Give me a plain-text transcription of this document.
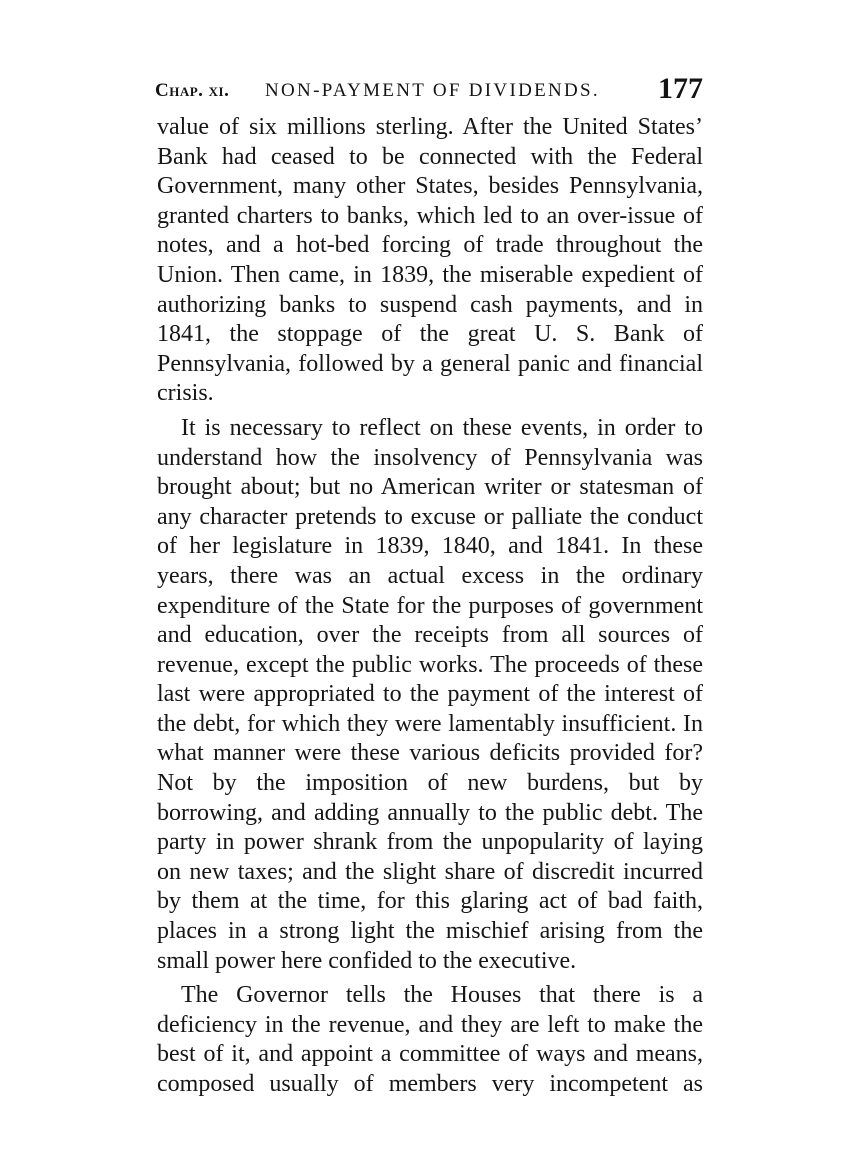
Chap. xi. NON-PAYMENT OF DIVIDENDS. 177

value of six millions sterling. After the United States’ Bank had ceased to be connected with the Federal Government, many other States, besides Pennsylvania, granted charters to banks, which led to an over-issue of notes, and a hot-bed forcing of trade throughout the Union. Then came, in 1839, the miserable expedient of authorizing banks to suspend cash payments, and in 1841, the stoppage of the great U. S. Bank of Pennsylvania, followed by a general panic and financial crisis.

It is necessary to reflect on these events, in order to understand how the insolvency of Pennsylvania was brought about; but no American writer or statesman of any character pretends to excuse or palliate the conduct of her legislature in 1839, 1840, and 1841. In these years, there was an actual excess in the ordinary expenditure of the State for the purposes of government and education, over the receipts from all sources of revenue, except the public works. The proceeds of these last were appropriated to the payment of the interest of the debt, for which they were lamentably insufficient. In what manner were these various deficits provided for? Not by the imposition of new burdens, but by borrowing, and adding annually to the public debt. The party in power shrank from the unpopularity of laying on new taxes; and the slight share of discredit incurred by them at the time, for this glaring act of bad faith, places in a strong light the mischief arising from the small power here confided to the executive.

The Governor tells the Houses that there is a deficiency in the revenue, and they are left to make the best of it, and appoint a committee of ways and means, composed usually of members very incompetent as
